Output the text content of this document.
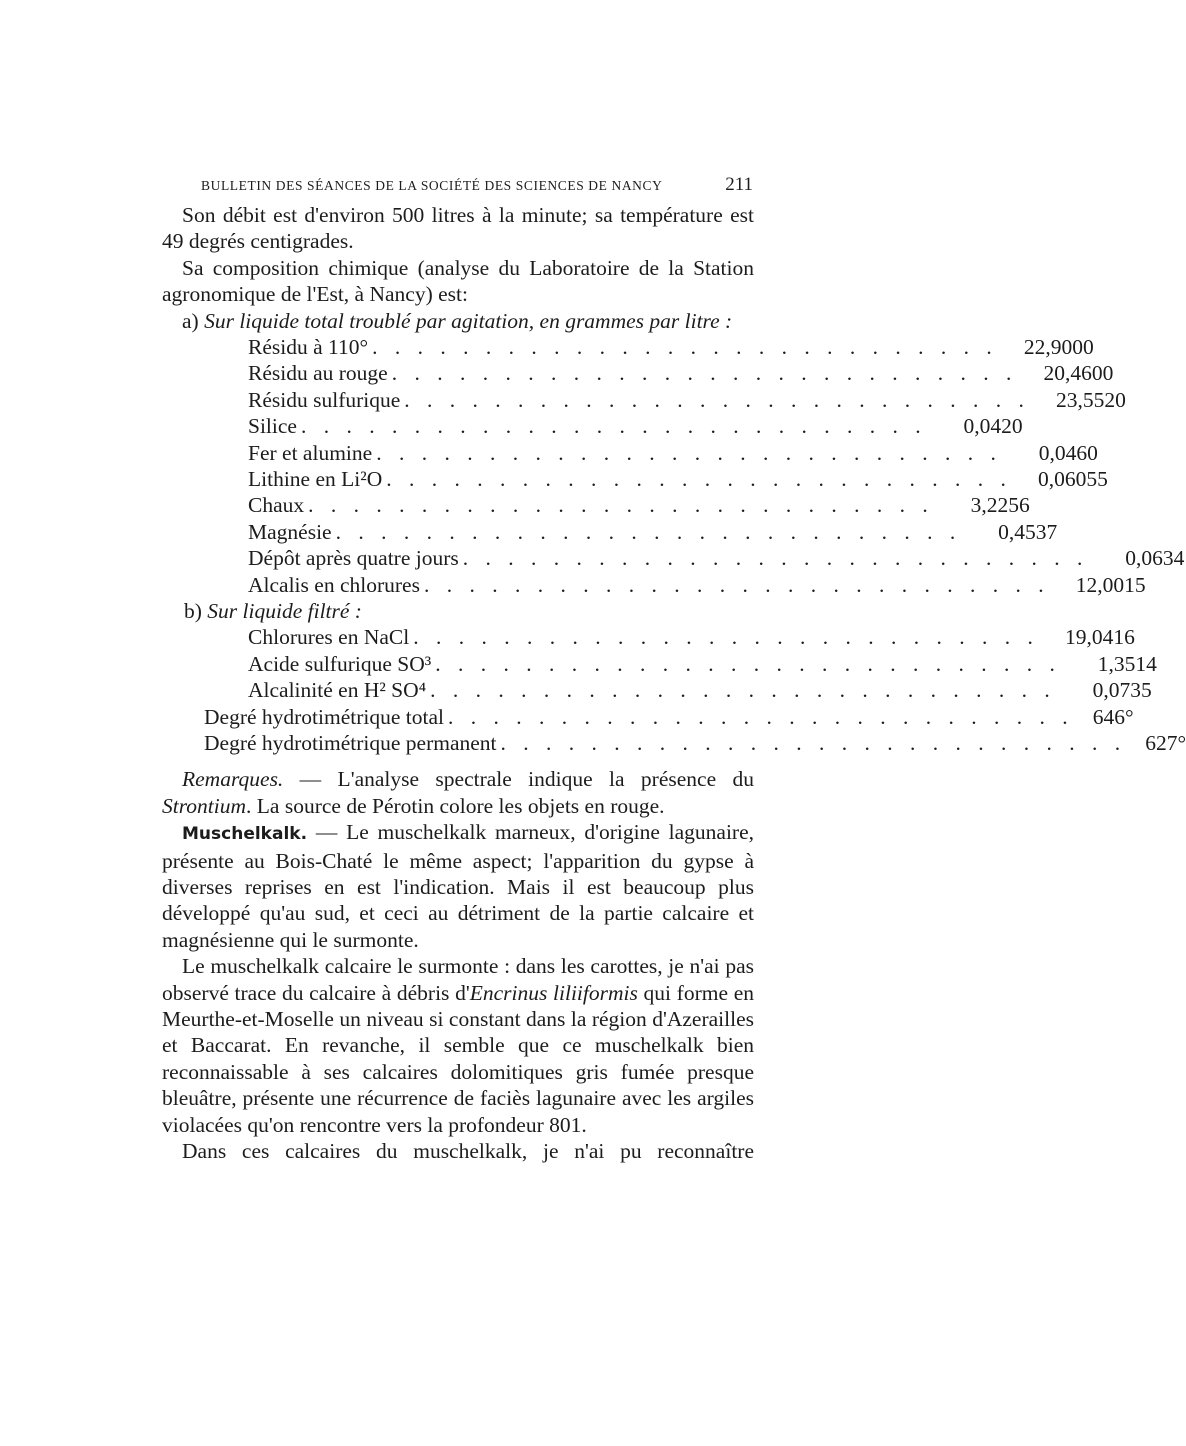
BULLETIN DES SÉANCES DE LA SOCIÉTÉ DES SCIENCES DE NANCY	211

Son débit est d'environ 500 litres à la minute; sa température est 49 degrés centigrades.

Sa composition chimique (analyse du Laboratoire de la Station agronomique de l'Est, à Nancy) est:

a) Sur liquide total troublé par agitation, en grammes par litre :

Résidu à 110° . . . . . . . . . . . . . . . . . . . . . . . . . . . .	22,9000
Résidu au rouge . . . . . . . . . . . . . . . . . . . . . . . . . . . .	20,4600
Résidu sulfurique . . . . . . . . . . . . . . . . . . . . . . . . . . . .	23,5520
Silice . . . . . . . . . . . . . . . . . . . . . . . . . . . .	0,0420
Fer et alumine . . . . . . . . . . . . . . . . . . . . . . . . . . . .	0,0460
Lithine en Li²O . . . . . . . . . . . . . . . . . . . . . . . . . . . .	0,06055
Chaux . . . . . . . . . . . . . . . . . . . . . . . . . . . .	3,2256
Magnésie . . . . . . . . . . . . . . . . . . . . . . . . . . . .	0,4537
Dépôt après quatre jours . . . . . . . . . . . . . . . . . . . . . . . . . . . .	0,0634
Alcalis en chlorures . . . . . . . . . . . . . . . . . . . . . . . . . . . .	12,0015

b) Sur liquide filtré :

Chlorures en NaCl . . . . . . . . . . . . . . . . . . . . . . . . . . . .	19,0416
Acide sulfurique SO³ . . . . . . . . . . . . . . . . . . . . . . . . . . . .	1,3514
Alcalinité en H² SO⁴ . . . . . . . . . . . . . . . . . . . . . . . . . . . .	0,0735
Degré hydrotimétrique total . . . . . . . . . . . . . . . . . . . . . . . . . . . . 646°
Degré hydrotimétrique permanent . . . . . . . . . . . . . . . . . . . . . . . . . . . . 627°

Remarques. — L'analyse spectrale indique la présence du Strontium. La source de Pérotin colore les objets en rouge.

Muschelkalk. — Le muschelkalk marneux, d'origine lagunaire, présente au Bois-Chaté le même aspect; l'apparition du gypse à diverses reprises en est l'indication. Mais il est beaucoup plus développé qu'au sud, et ceci au détriment de la partie calcaire et magnésienne qui le surmonte.

Le muschelkalk calcaire le surmonte : dans les carottes, je n'ai pas observé trace du calcaire à débris d'Encrinus liliiformis qui forme en Meurthe-et-Moselle un niveau si constant dans la région d'Azerailles et Baccarat. En revanche, il semble que ce muschelkalk bien reconnaissable à ses calcaires dolomitiques gris fumée presque bleuâtre, présente une récurrence de faciès lagunaire avec les argiles violacées qu'on rencontre vers la profondeur 801.

Dans ces calcaires du muschelkalk, je n'ai pu reconnaître
